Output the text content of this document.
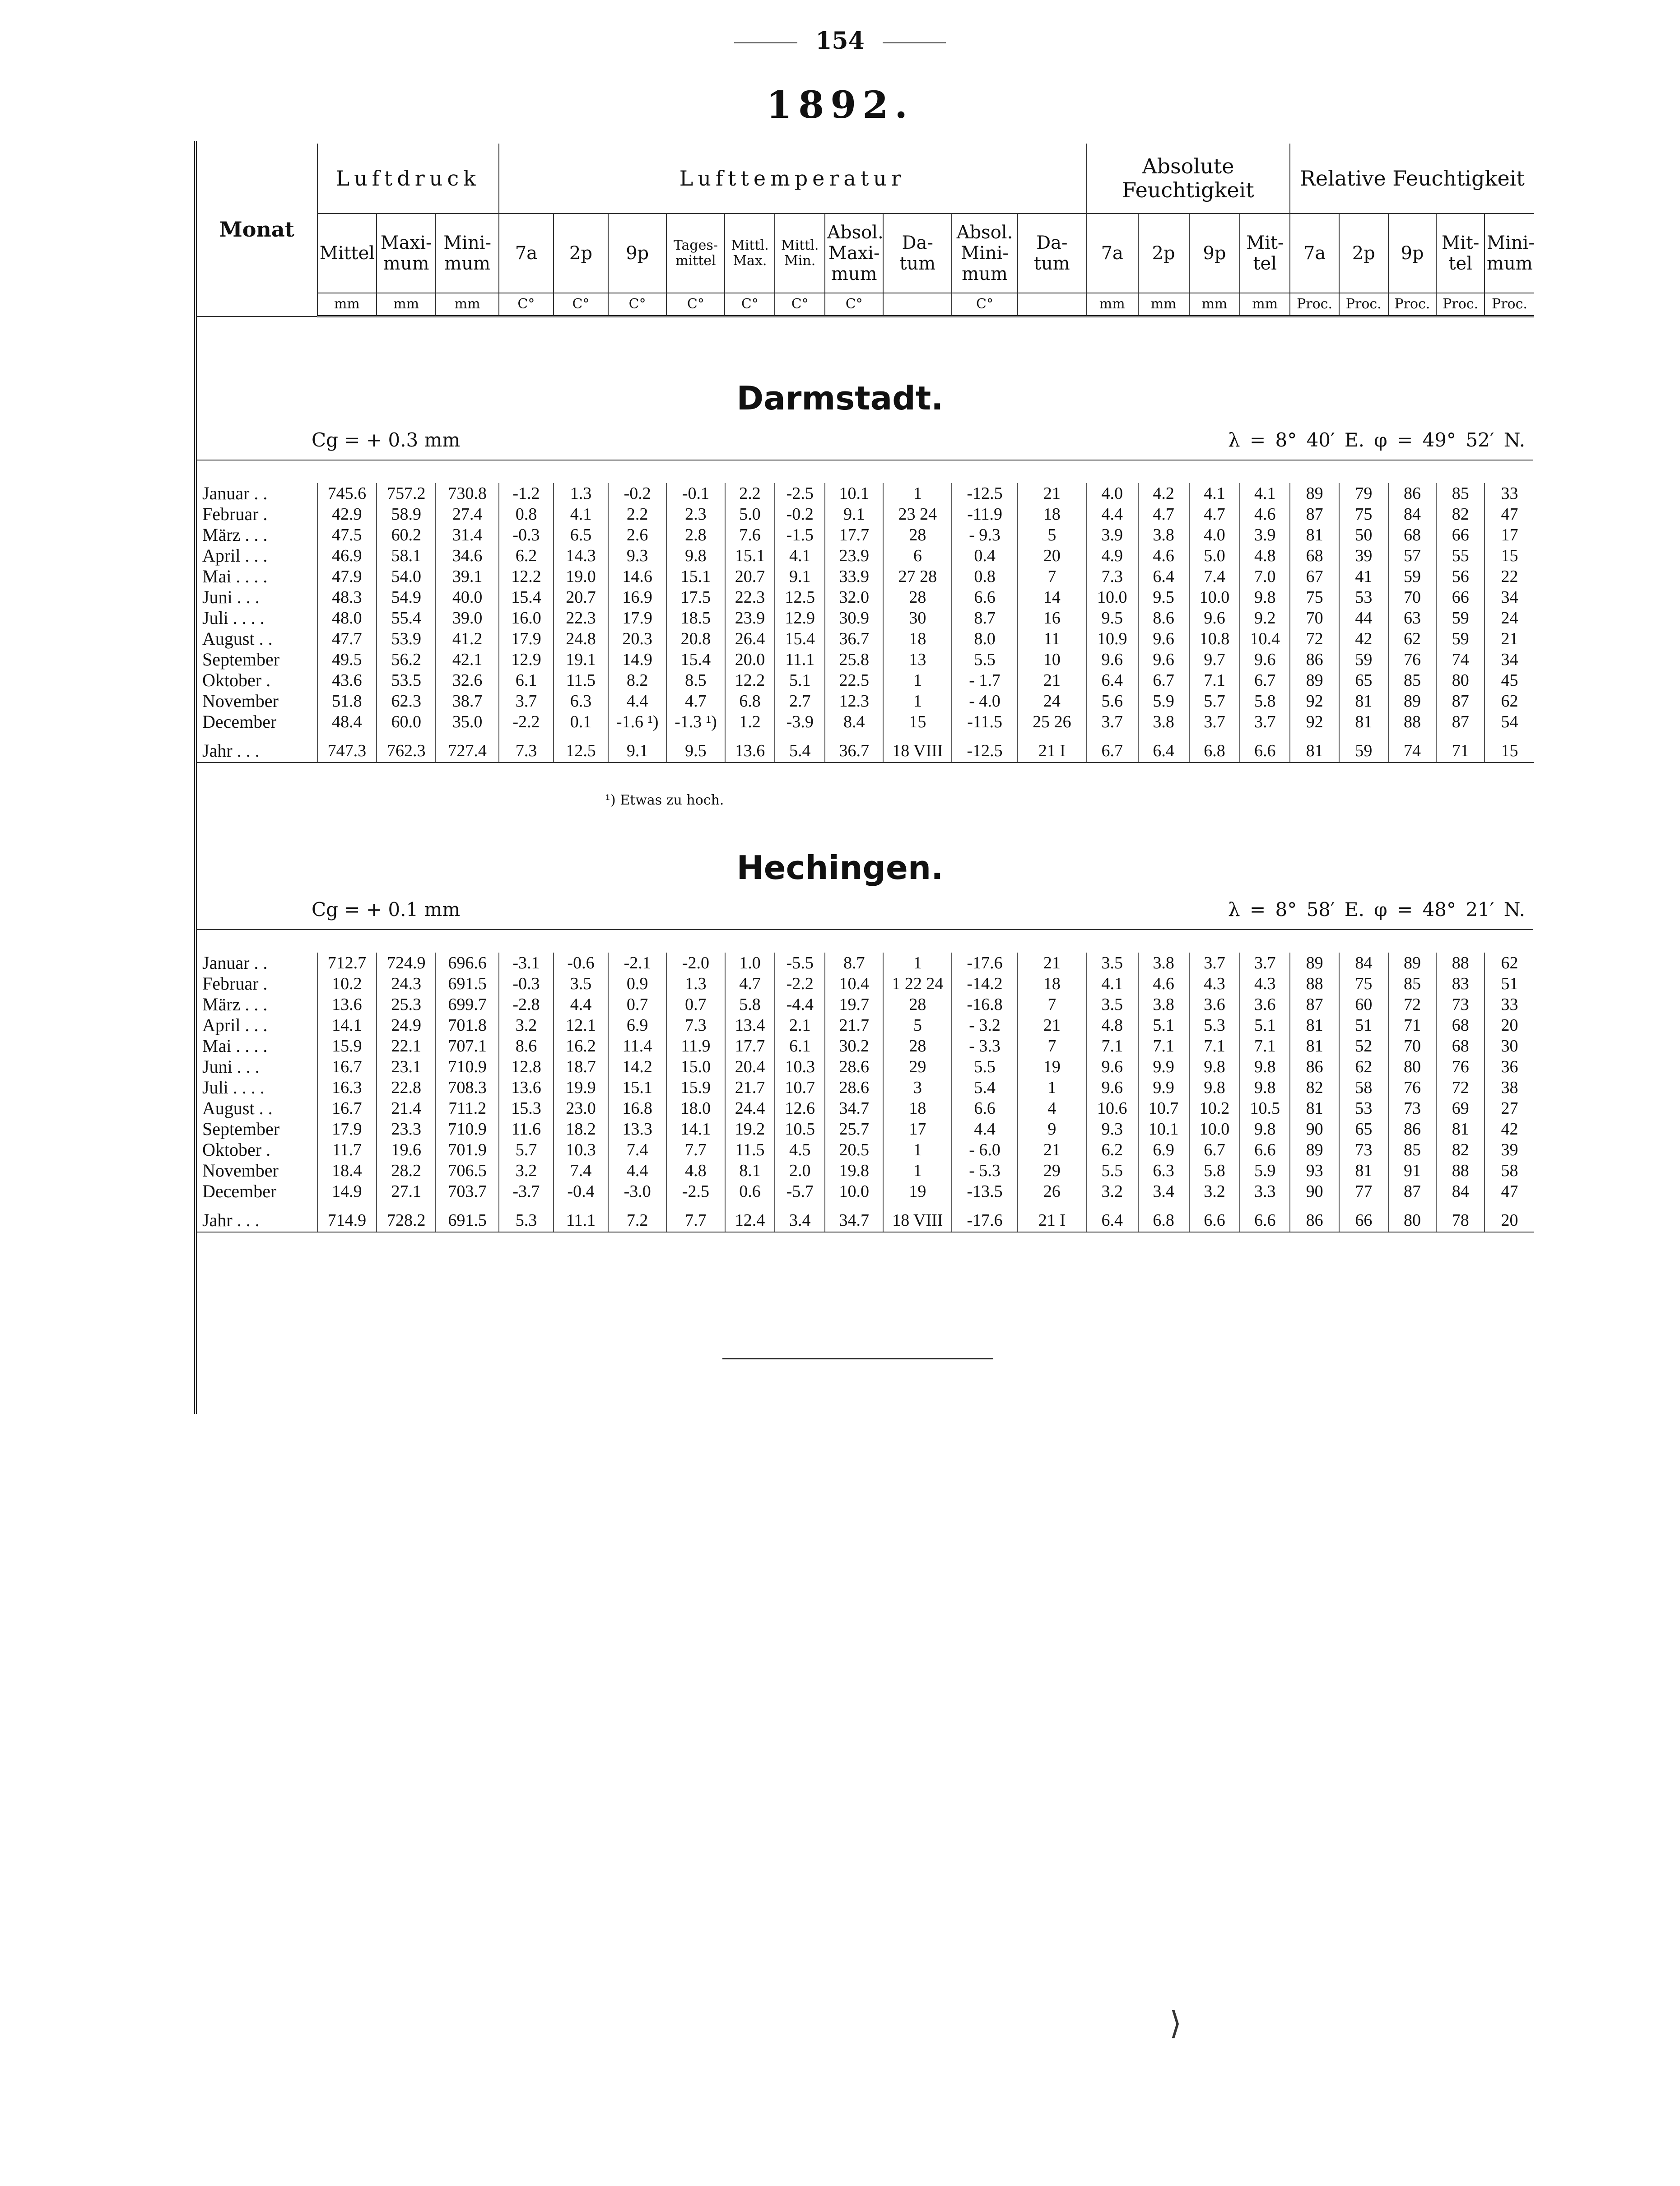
154
1892.
Monat	Luftdruck			Lufttemperatur										Absolute Feuchtigkeit				Relative Feuchtigkeit				
	Mittel	Maxi-mum	Mini-mum	7a	2p	9p	Tages-mittel	Mittl. Max.	Mittl. Min.	Absol. Maxi-mum	Da-tum	Absol. Mini-mum	Da-tum	7a	2p	9p	Mit-tel	7a	2p	9p	Mit-tel	Mini-mum
	mm	mm	mm	C°	C°	C°	C°	C°	C°	C°		C°		mm	mm	mm	mm	Proc.	Proc.	Proc.	Proc.	Proc.
Darmstadt.
Cg = + 0.3 mm	λ = 8° 40′ E. φ = 49° 52′ N.
Januar . .	745.6	757.2	730.8	-1.2	1.3	-0.2	-0.1	2.2	-2.5	10.1	1	-12.5	21	4.0	4.2	4.1	4.1	89	79	86	85	33
Februar .	42.9	58.9	27.4	0.8	4.1	2.2	2.3	5.0	-0.2	9.1	23 24	-11.9	18	4.4	4.7	4.7	4.6	87	75	84	82	47
März . . .	47.5	60.2	31.4	-0.3	6.5	2.6	2.8	7.6	-1.5	17.7	28	- 9.3	5	3.9	3.8	4.0	3.9	81	50	68	66	17
April . . .	46.9	58.1	34.6	6.2	14.3	9.3	9.8	15.1	4.1	23.9	6	0.4	20	4.9	4.6	5.0	4.8	68	39	57	55	15
Mai . . . .	47.9	54.0	39.1	12.2	19.0	14.6	15.1	20.7	9.1	33.9	27 28	0.8	7	7.3	6.4	7.4	7.0	67	41	59	56	22
Juni . . .	48.3	54.9	40.0	15.4	20.7	16.9	17.5	22.3	12.5	32.0	28	6.6	14	10.0	9.5	10.0	9.8	75	53	70	66	34
Juli . . . .	48.0	55.4	39.0	16.0	22.3	17.9	18.5	23.9	12.9	30.9	30	8.7	16	9.5	8.6	9.6	9.2	70	44	63	59	24
August . .	47.7	53.9	41.2	17.9	24.8	20.3	20.8	26.4	15.4	36.7	18	8.0	11	10.9	9.6	10.8	10.4	72	42	62	59	21
September	49.5	56.2	42.1	12.9	19.1	14.9	15.4	20.0	11.1	25.8	13	5.5	10	9.6	9.6	9.7	9.6	86	59	76	74	34
Oktober .	43.6	53.5	32.6	6.1	11.5	8.2	8.5	12.2	5.1	22.5	1	- 1.7	21	6.4	6.7	7.1	6.7	89	65	85	80	45
November	51.8	62.3	38.7	3.7	6.3	4.4	4.7	6.8	2.7	12.3	1	- 4.0	24	5.6	5.9	5.7	5.8	92	81	89	87	62
December	48.4	60.0	35.0	-2.2	0.1	-1.6 ¹)	-1.3 ¹)	1.2	-3.9	8.4	15	-11.5	25 26	3.7	3.8	3.7	3.7	92	81	88	87	54
Jahr . . .	747.3	762.3	727.4	7.3	12.5	9.1	9.5	13.6	5.4	36.7	18 VIII	-12.5	21 I	6.7	6.4	6.8	6.6	81	59	74	71	15
¹) Etwas zu hoch.
Hechingen.
Cg = + 0.1 mm	λ = 8° 58′ E. φ = 48° 21′ N.
Januar . .	712.7	724.9	696.6	-3.1	-0.6	-2.1	-2.0	1.0	-5.5	8.7	1	-17.6	21	3.5	3.8	3.7	3.7	89	84	89	88	62
Februar .	10.2	24.3	691.5	-0.3	3.5	0.9	1.3	4.7	-2.2	10.4	1 22 24	-14.2	18	4.1	4.6	4.3	4.3	88	75	85	83	51
März . . .	13.6	25.3	699.7	-2.8	4.4	0.7	0.7	5.8	-4.4	19.7	28	-16.8	7	3.5	3.8	3.6	3.6	87	60	72	73	33
April . . .	14.1	24.9	701.8	3.2	12.1	6.9	7.3	13.4	2.1	21.7	5	- 3.2	21	4.8	5.1	5.3	5.1	81	51	71	68	20
Mai . . . .	15.9	22.1	707.1	8.6	16.2	11.4	11.9	17.7	6.1	30.2	28	- 3.3	7	7.1	7.1	7.1	7.1	81	52	70	68	30
Juni . . .	16.7	23.1	710.9	12.8	18.7	14.2	15.0	20.4	10.3	28.6	29	5.5	19	9.6	9.9	9.8	9.8	86	62	80	76	36
Juli . . . .	16.3	22.8	708.3	13.6	19.9	15.1	15.9	21.7	10.7	28.6	3	5.4	1	9.6	9.9	9.8	9.8	82	58	76	72	38
August . .	16.7	21.4	711.2	15.3	23.0	16.8	18.0	24.4	12.6	34.7	18	6.6	4	10.6	10.7	10.2	10.5	81	53	73	69	27
September	17.9	23.3	710.9	11.6	18.2	13.3	14.1	19.2	10.5	25.7	17	4.4	9	9.3	10.1	10.0	9.8	90	65	86	81	42
Oktober .	11.7	19.6	701.9	5.7	10.3	7.4	7.7	11.5	4.5	20.5	1	- 6.0	21	6.2	6.9	6.7	6.6	89	73	85	82	39
November	18.4	28.2	706.5	3.2	7.4	4.4	4.8	8.1	2.0	19.8	1	- 5.3	29	5.5	6.3	5.8	5.9	93	81	91	88	58
December	14.9	27.1	703.7	-3.7	-0.4	-3.0	-2.5	0.6	-5.7	10.0	19	-13.5	26	3.2	3.4	3.2	3.3	90	77	87	84	47
Jahr . . .	714.9	728.2	691.5	5.3	11.1	7.2	7.7	12.4	3.4	34.7	18 VIII	-17.6	21 I	6.4	6.8	6.6	6.6	86	66	80	78	20
⟩
